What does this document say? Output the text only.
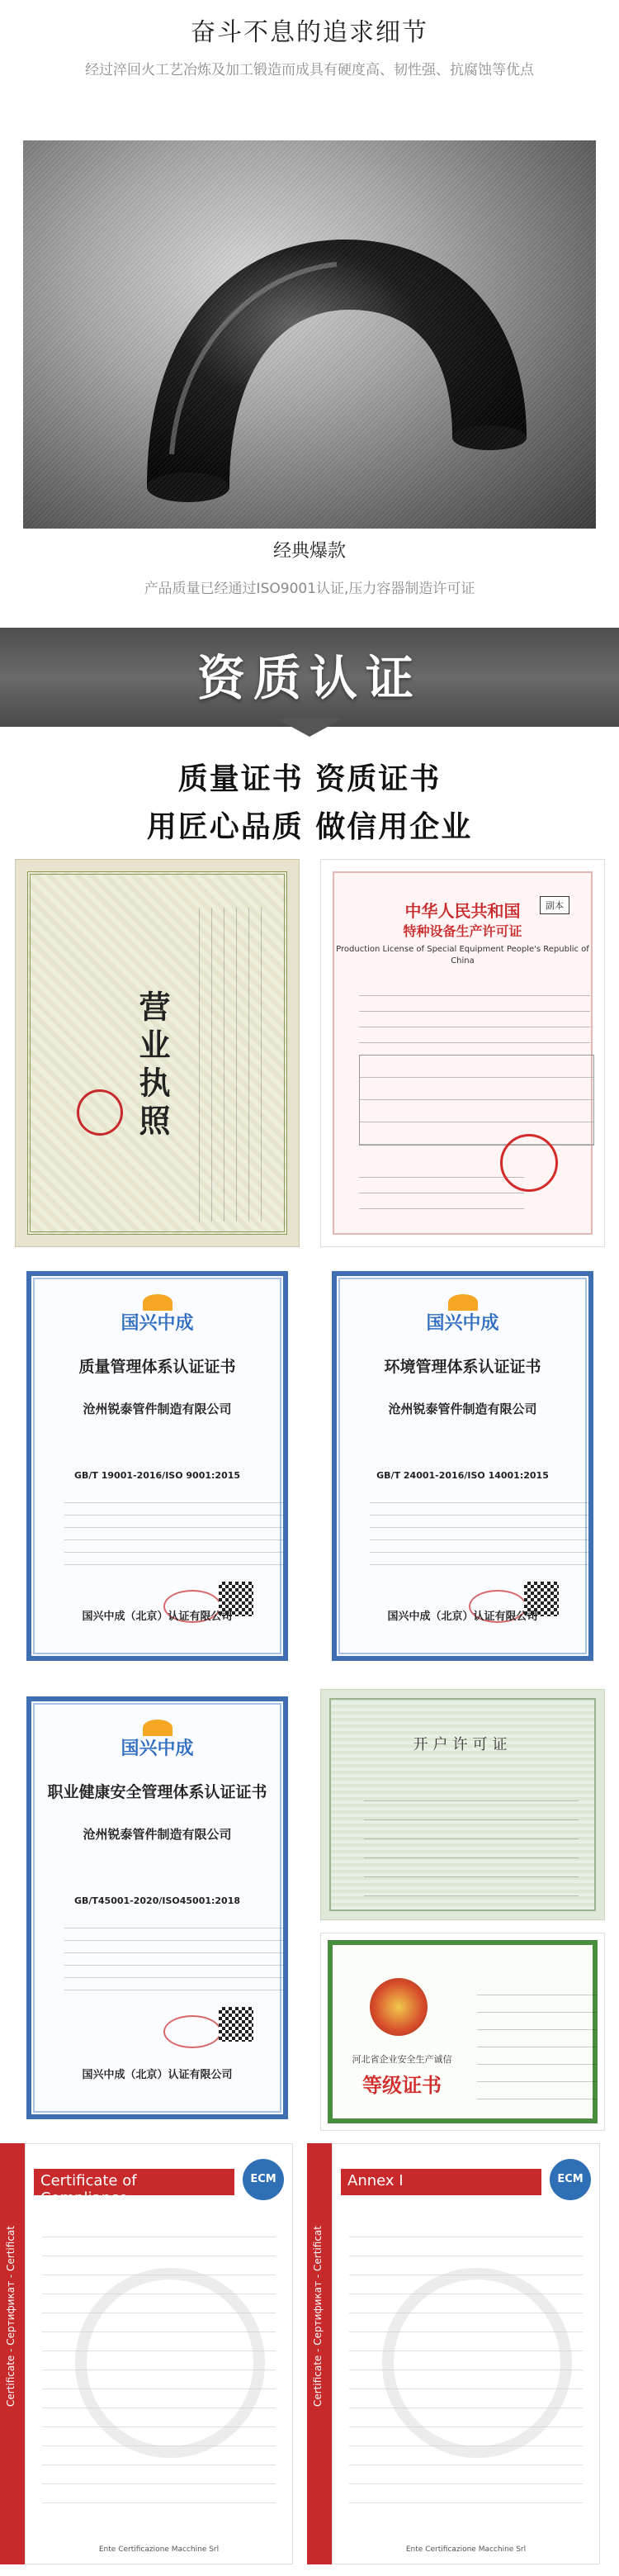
奋斗不息的追求细节
经过淬回火工艺冶炼及加工锻造而成具有硬度高、韧性强、抗腐蚀等优点
经典爆款
产品质量已经通过ISO9001认证,压力容器制造许可证
资质认证
质量证书 资质证书
用匠心品质 做信用企业
营业执照
中华人民共和国
特种设备生产许可证
Production License of Special Equipment People's Republic of China
副本
国兴中成
质量管理体系认证证书
沧州锐泰管件制造有限公司
GB/T 19001-2016/ISO 9001:2015
国兴中成（北京）认证有限公司
国兴中成
环境管理体系认证证书
沧州锐泰管件制造有限公司
GB/T 24001-2016/ISO 14001:2015
国兴中成（北京）认证有限公司
国兴中成
职业健康安全管理体系认证证书
沧州锐泰管件制造有限公司
GB/T45001-2020/ISO45001:2018
国兴中成（北京）认证有限公司
开户许可证
河北省企业安全生产诚信
等级证书
Certificate - Сертификат - Certificat
Certificate of Compliance
ECM
Ente Certificazione Macchine Srl
Certificate - Сертификат - Certificat
Annex I	ECM
Ente Certificazione Macchine Srl
